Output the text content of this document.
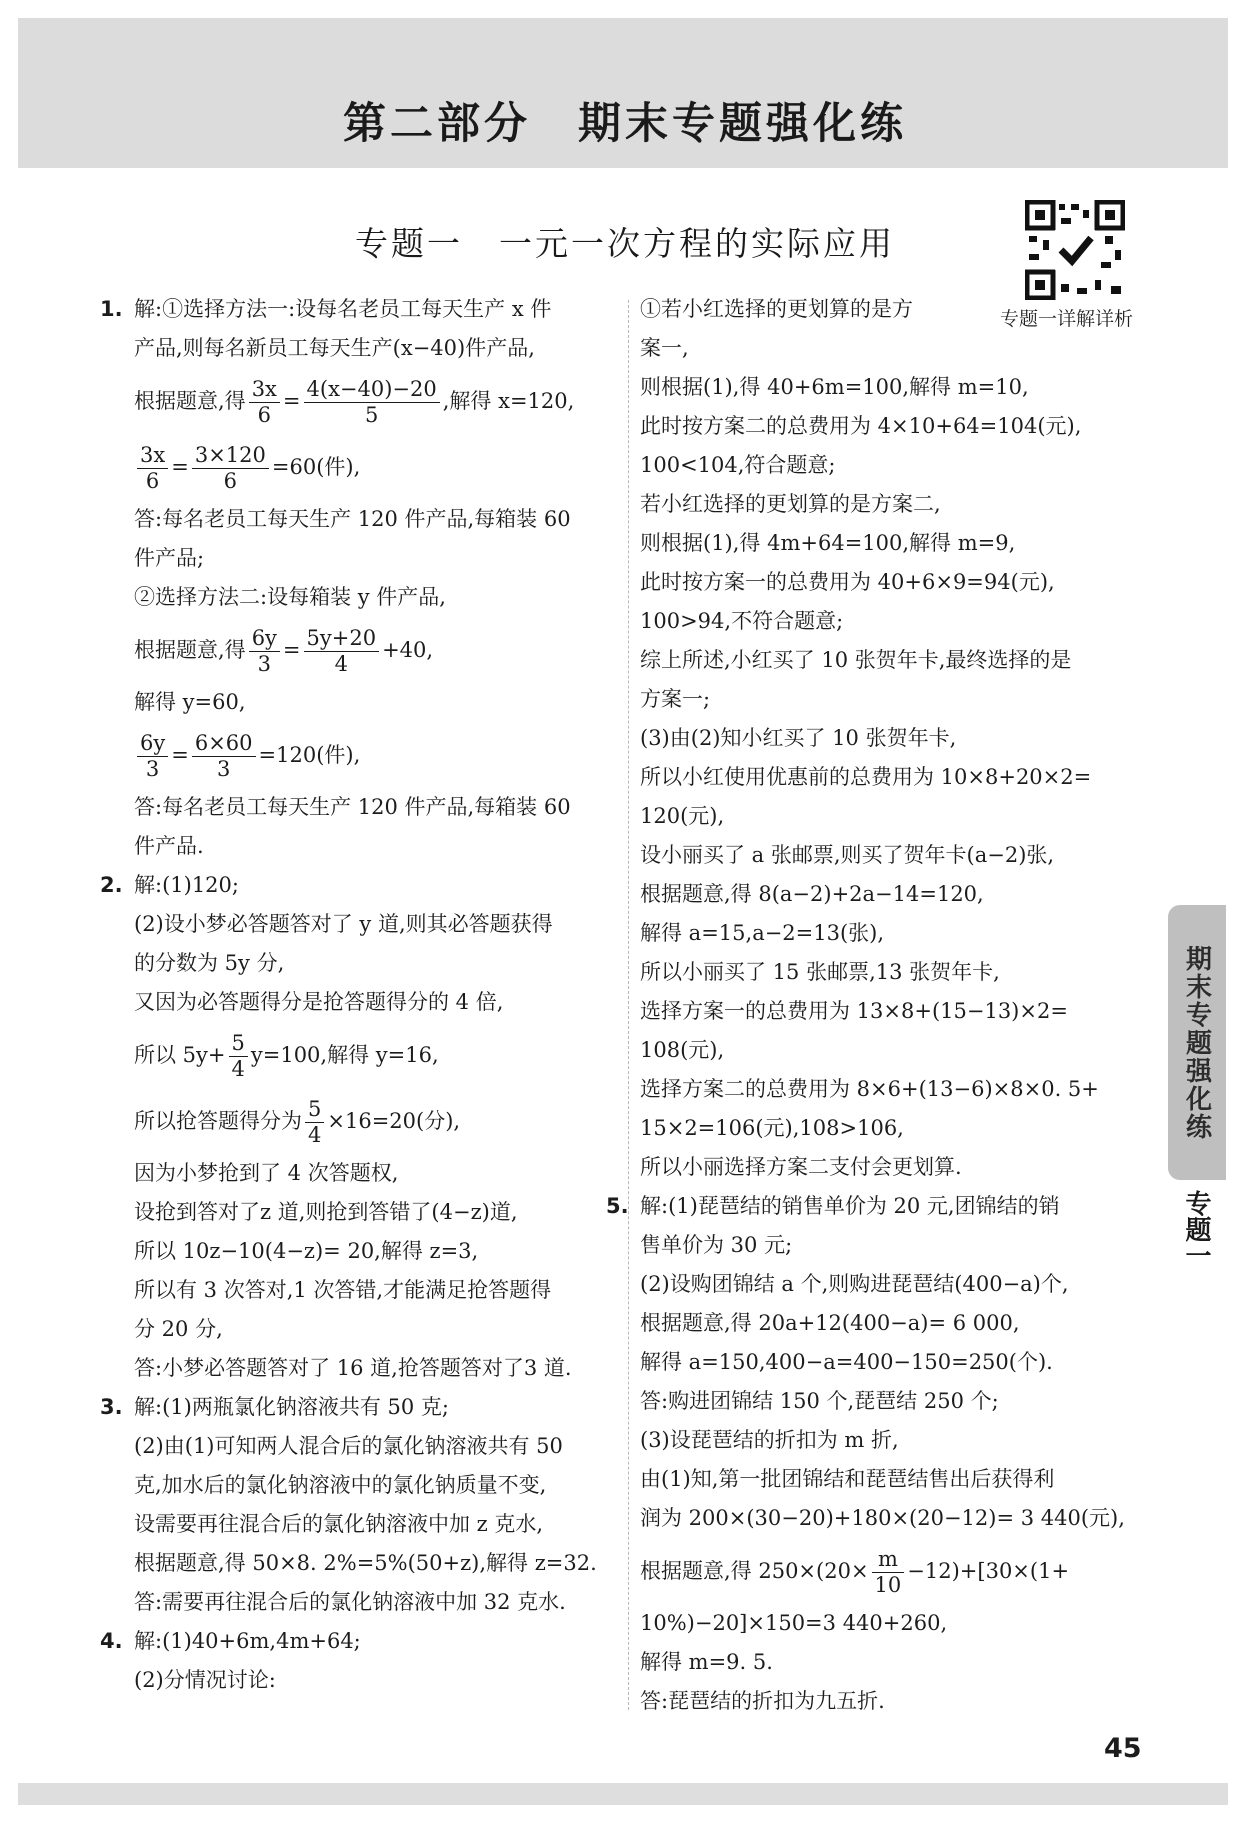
第二部分　期末专题强化练
专题一　一元一次方程的实际应用
专题一详解详析
1. 解:①选择方法一:设每名老员工每天生产 x 件
产品,则每名新员工每天生产(x−40)件产品,
根据题意,得 $\frac{3x}{6} = \frac{4(x-40)-20}{5}$ ,解得 x=120,
$\frac{3x}{6} = \frac{3\times 120}{6} =60$(件),
答:每名老员工每天生产 120 件产品,每箱装 60
件产品;
②选择方法二:设每箱装 y 件产品,
根据题意,得 $\frac{6y}{3} = \frac{5y+20}{4} +40$,
解得 y=60,
$\frac{6y}{3} = \frac{6\times 60}{3} =120$(件),
答:每名老员工每天生产 120 件产品,每箱装 60
件产品.
2. 解:(1)120;
(2)设小梦必答题答对了 y 道,则其必答题获得
的分数为 5y 分,
又因为必答题得分是抢答题得分的 4 倍,
所以 $5y+ \frac{5}{4} y=100$,解得 y=16,
所以抢答题得分为 $\frac{5}{4} \times 16=20$(分),
因为小梦抢到了 4 次答题权,
设抢到答对了z 道,则抢到答错了(4−z)道,
所以 10z−10(4−z)= 20,解得 z=3,
所以有 3 次答对,1 次答错,才能满足抢答题得
分 20 分,
答:小梦必答题答对了 16 道,抢答题答对了3 道.
3. 解:(1)两瓶氯化钠溶液共有 50 克;
(2)由(1)可知两人混合后的氯化钠溶液共有 50
克,加水后的氯化钠溶液中的氯化钠质量不变,
设需要再往混合后的氯化钠溶液中加 z 克水,
根据题意,得 50×8. 2%=5%(50+z),解得 z=32.
答:需要再往混合后的氯化钠溶液中加 32 克水.
4. 解:(1)40+6m,4m+64;
(2)分情况讨论:
①若小红选择的更划算的是方
案一,
则根据(1),得 40+6m=100,解得 m=10,
此时按方案二的总费用为 4×10+64=104(元),
100<104,符合题意;
若小红选择的更划算的是方案二,
则根据(1),得 4m+64=100,解得 m=9,
此时按方案一的总费用为 40+6×9=94(元),
100>94,不符合题意;
综上所述,小红买了 10 张贺年卡,最终选择的是
方案一;
(3)由(2)知小红买了 10 张贺年卡,
所以小红使用优惠前的总费用为 10×8+20×2=
120(元),
设小丽买了 a 张邮票,则买了贺年卡(a−2)张,
根据题意,得 8(a−2)+2a−14=120,
解得 a=15,a−2=13(张),
所以小丽买了 15 张邮票,13 张贺年卡,
选择方案一的总费用为 13×8+(15−13)×2=
108(元),
选择方案二的总费用为 8×6+(13−6)×8×0. 5+
15×2=106(元),108>106,
所以小丽选择方案二支付会更划算.
5. 解:(1)琵琶结的销售单价为 20 元,团锦结的销
售单价为 30 元;
(2)设购团锦结 a 个,则购进琵琶结(400−a)个,
根据题意,得 20a+12(400−a)= 6 000,
解得 a=150,400−a=400−150=250(个).
答:购进团锦结 150 个,琵琶结 250 个;
(3)设琵琶结的折扣为 m 折,
由(1)知,第一批团锦结和琵琶结售出后获得利
润为 200×(30−20)+180×(20−12)= 3 440(元),
根据题意,得 $250\times(20\times \frac{m}{10} -12)+[30\times(1+$
10%)−20]×150=3 440+260,
解得 m=9. 5.
答:琵琶结的折扣为九五折.
期末专题强化练
专题一
45
